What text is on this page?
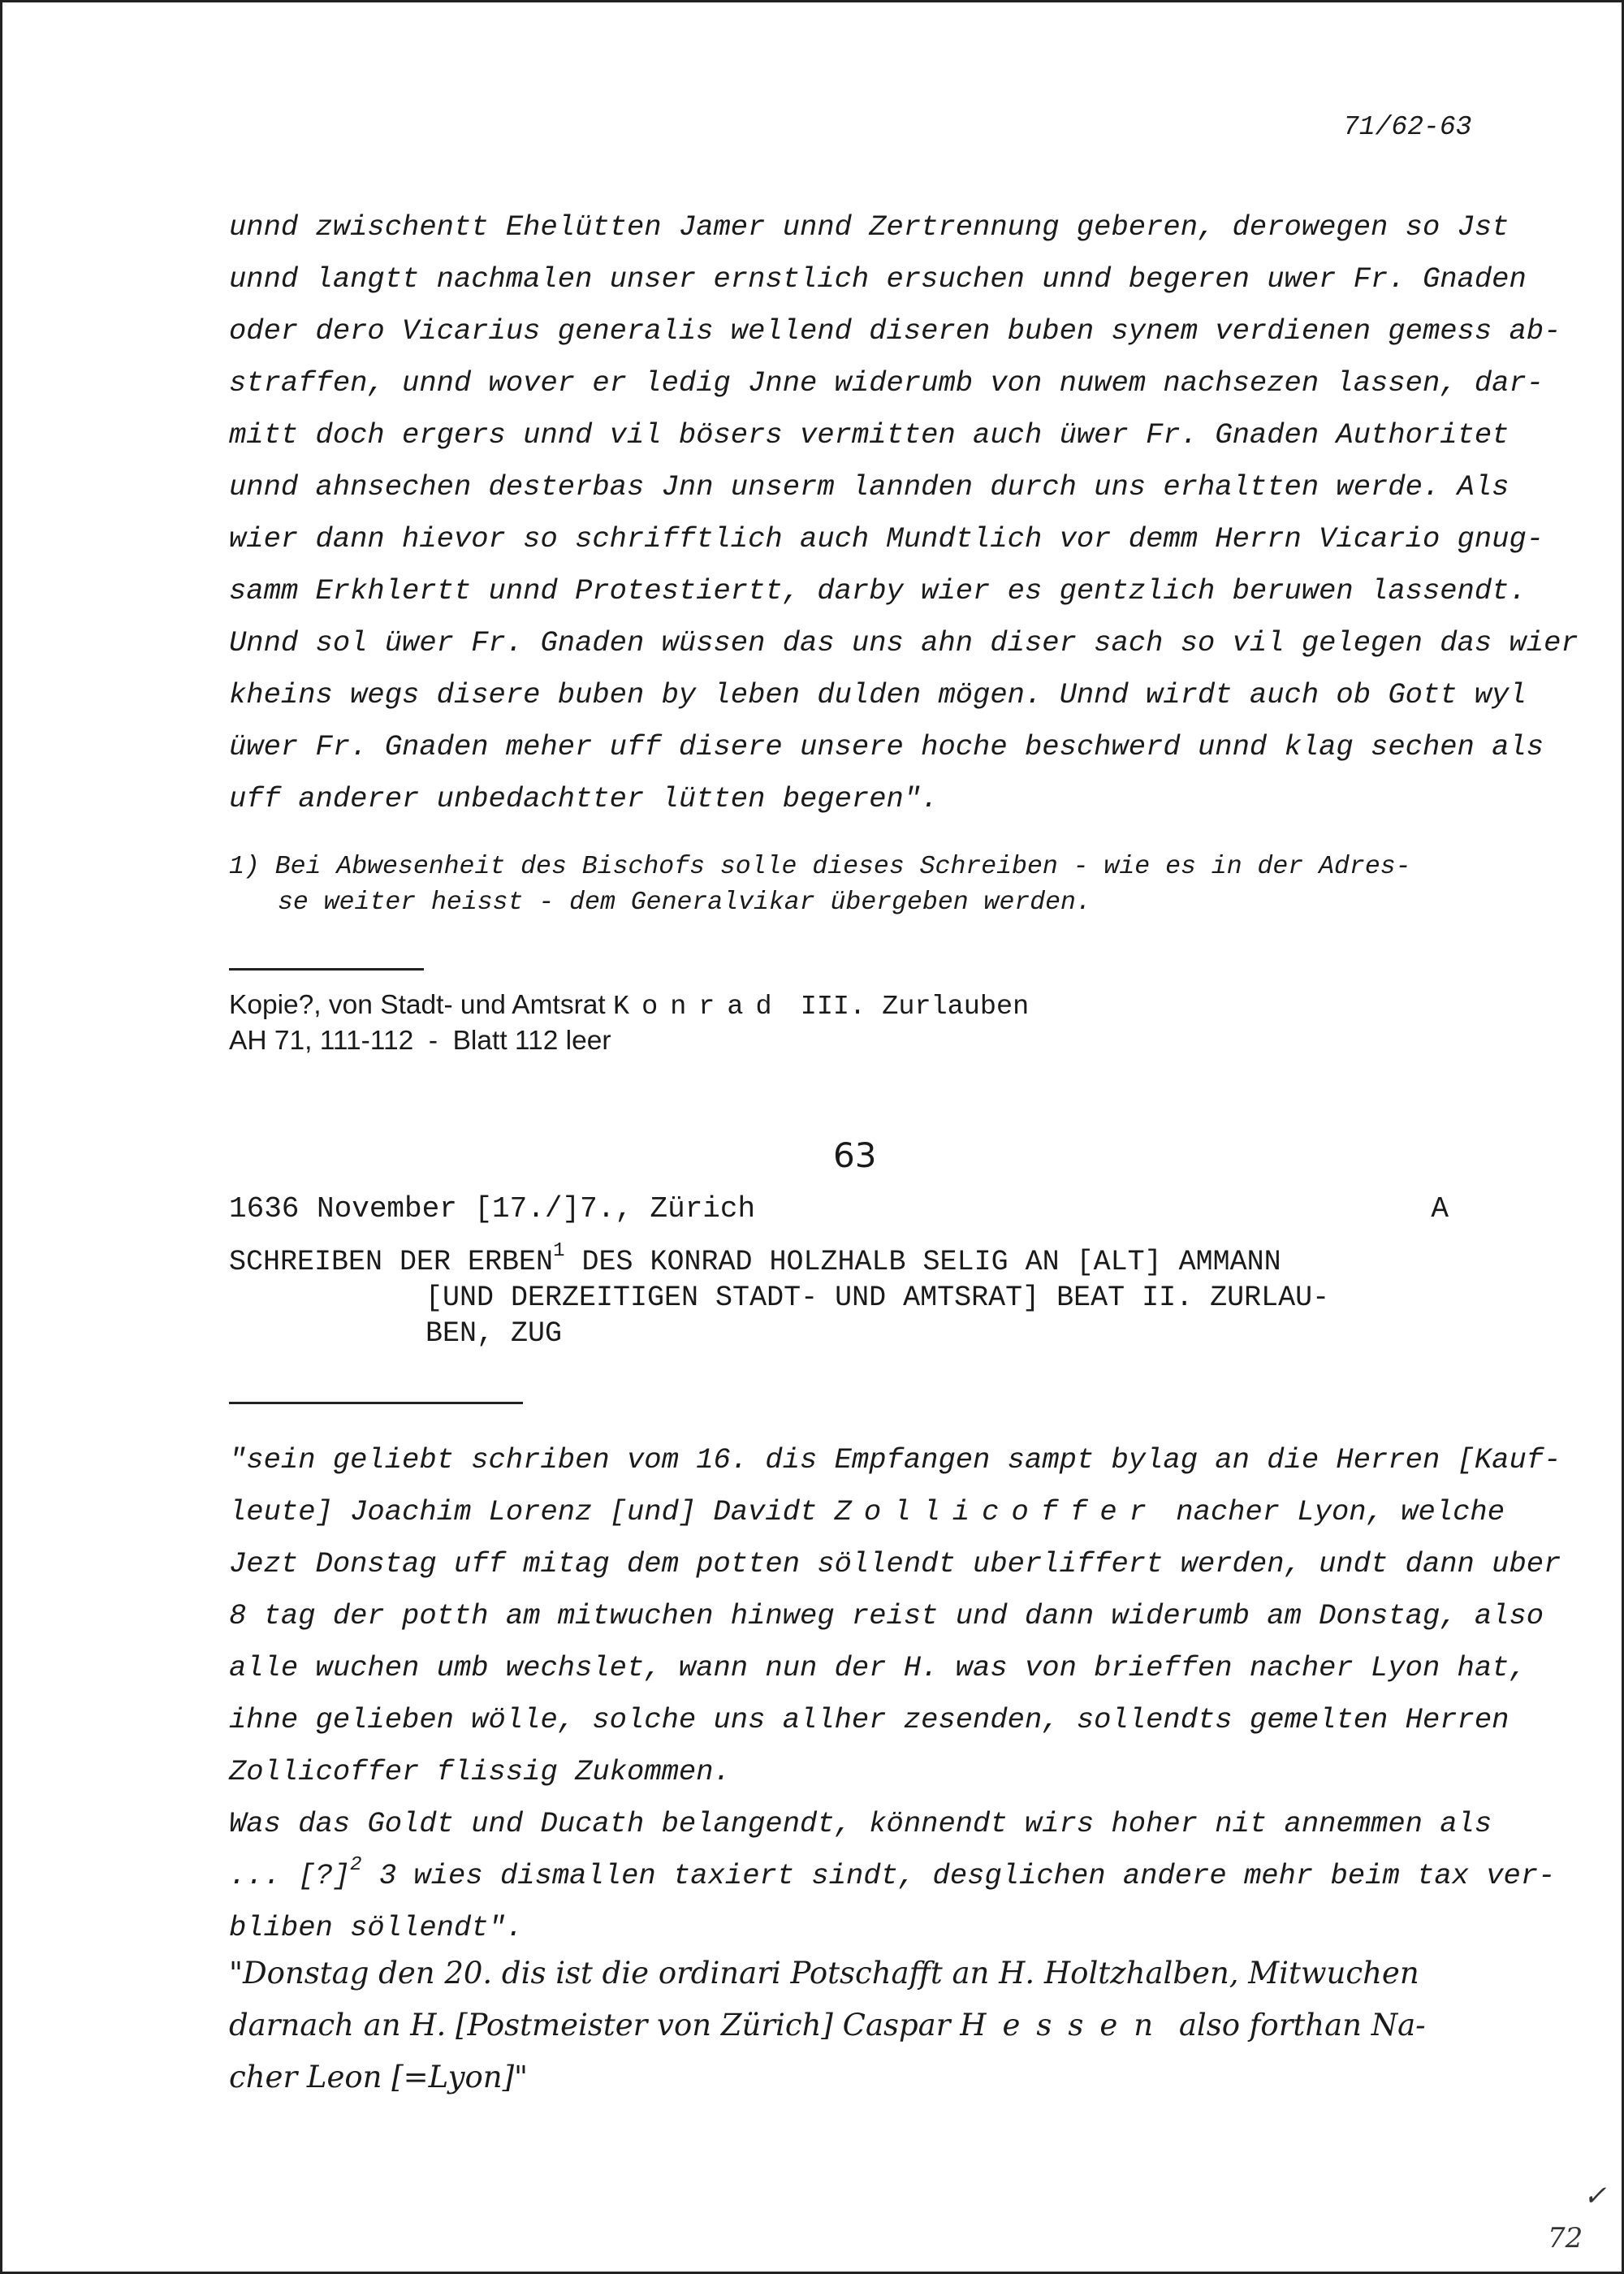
71/62-63
unnd zwischentt Ehelütten Jamer unnd Zertrennung geberen, derowegen so Jst
unnd langtt nachmalen unser ernstlich ersuchen unnd begeren uwer Fr. Gnaden
oder dero Vicarius generalis wellend diseren buben synem verdienen gemess ab-
straffen, unnd wover er ledig Jnne widerumb von nuwem nachsezen lassen, dar-
mitt doch ergers unnd vil bösers vermitten auch üwer Fr. Gnaden Authoritet
unnd ahnsechen desterbas Jnn unserm lannden durch uns erhaltten werde. Als
wier dann hievor so schrifftlich auch Mundtlich vor demm Herrn Vicario gnug-
samm Erkhlertt unnd Protestiertt, darby wier es gentzlich beruwen lassendt.
Unnd sol üwer Fr. Gnaden wüssen das uns ahn diser sach so vil gelegen das wier
kheins wegs disere buben by leben dulden mögen. Unnd wirdt auch ob Gott wyl
üwer Fr. Gnaden meher uff disere unsere hoche beschwerd unnd klag sechen als
uff anderer unbedachtter lütten begeren".
1) Bei Abwesenheit des Bischofs solle dieses Schreiben - wie es in der Adres-
se weiter heisst - dem Generalvikar übergeben werden.
Kopie?, von Stadt- und Amtsrat Konrad III. Zurlauben
AH 71, 111-112  -  Blatt 112 leer
63
1636 November [17./]7., Zürich	A
SCHREIBEN DER ERBEN$^1$ DES KONRAD HOLZHALB SELIG AN [ALT] AMMANN
[UND DERZEITIGEN STADT- UND AMTSRAT] BEAT II. ZURLAU-
BEN, ZUG
"sein geliebt schriben vom 16. dis Empfangen sampt bylag an die Herren [Kauf-
leute] Joachim Lorenz [und] Davidt Zollicoffer nacher Lyon, welche
Jezt Donstag uff mitag dem potten söllendt uberliffert werden, undt dann uber
8 tag der potth am mitwuchen hinweg reist und dann widerumb am Donstag, also
alle wuchen umb wechslet, wann nun der H. was von brieffen nacher Lyon hat,
ihne gelieben wölle, solche uns allher zesenden, sollendts gemelten Herren
Zollicoffer flissig Zukommen.
Was das Goldt und Ducath belangendt, könnendt wirs hoher nit annemmen als
... [?]$^2$ 3 wies dismallen taxiert sindt, desglichen andere mehr beim tax ver-
bliben söllendt".
"Donstag den 20. dis ist die ordinari Potschafft an H. Holtzhalben, Mitwuchen
darnach an H. [Postmeister von Zürich] Caspar Hessen also forthan Na-
cher Leon [=Lyon]"
✓
72
